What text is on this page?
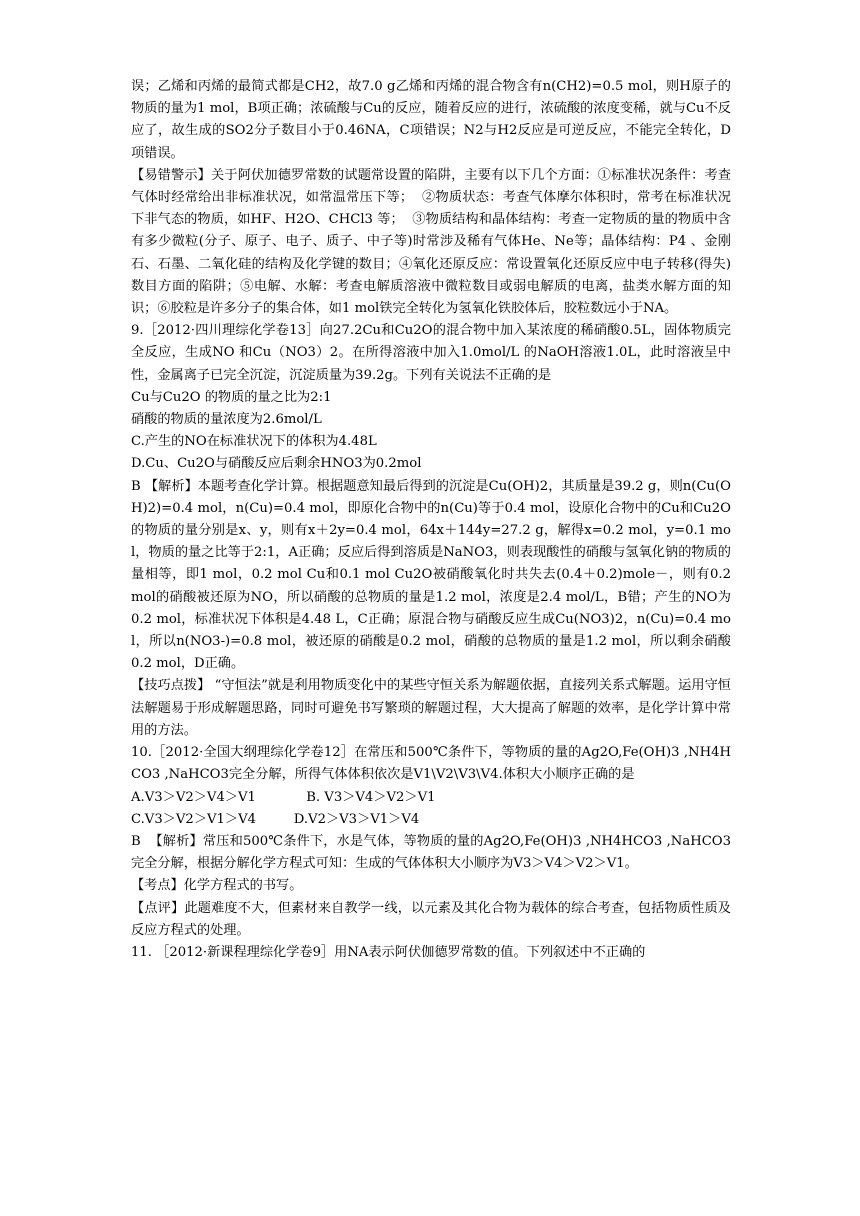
误；乙烯和丙烯的最简式都是CH2，故7.0 g乙烯和丙烯的混合物含有n(CH2)=0.5 mol，则H原子的物质的量为1 mol，B项正确；浓硫酸与Cu的反应，随着反应的进行，浓硫酸的浓度变稀，就与Cu不反应了，故生成的SO2分子数目小于0.46NA，C项错误；N2与H2反应是可逆反应，不能完全转化，D项错误。

【易错警示】关于阿伏加德罗常数的试题常设置的陷阱，主要有以下几个方面：①标准状况条件：考查气体时经常给出非标准状况，如常温常压下等；  ②物质状态：考查气体摩尔体积时，常考在标准状况下非气态的物质，如HF、H2O、CHCl3 等；  ③物质结构和晶体结构：考查一定物质的量的物质中含有多少微粒(分子、原子、电子、质子、中子等)时常涉及稀有气体He、Ne等；晶体结构：P4 、金刚石、石墨、二氧化硅的结构及化学键的数目；④氧化还原反应：常设置氧化还原反应中电子转移(得失)数目方面的陷阱；⑤电解、水解：考查电解质溶液中微粒数目或弱电解质的电离，盐类水解方面的知识；⑥胶粒是许多分子的集合体，如1 mol铁完全转化为氢氧化铁胶体后，胶粒数远小于NA。

9.［2012·四川理综化学卷13］向27.2Cu和Cu2O的混合物中加入某浓度的稀硝酸0.5L，固体物质完全反应，生成NO 和Cu（NO3）2。在所得溶液中加入1.0mol/L 的NaOH溶液1.0L，此时溶液呈中性，金属离子已完全沉淀，沉淀质量为39.2g。下列有关说法不正确的是

Cu与Cu2O 的物质的量之比为2:1

硝酸的物质的量浓度为2.6mol/L

C.产生的NO在标准状况下的体积为4.48L

D.Cu、Cu2O与硝酸反应后剩余HNO3为0.2mol

B 【解析】本题考查化学计算。根据题意知最后得到的沉淀是Cu(OH)2，其质量是39.2 g，则n(Cu(OH)2)=0.4 mol，n(Cu)=0.4 mol，即原化合物中的n(Cu)等于0.4 mol，设原化合物中的Cu和Cu2O的物质的量分别是x、y，则有x＋2y=0.4 mol，64x＋144y=27.2 g，解得x=0.2 mol，y=0.1 mol，物质的量之比等于2:1，A正确；反应后得到溶质是NaNO3，则表现酸性的硝酸与氢氧化钠的物质的量相等，即1 mol，0.2 mol Cu和0.1 mol Cu2O被硝酸氧化时共失去(0.4＋0.2)mole－，则有0.2 mol的硝酸被还原为NO，所以硝酸的总物质的量是1.2 mol，浓度是2.4 mol/L，B错；产生的NO为0.2 mol，标准状况下体积是4.48 L，C正确；原混合物与硝酸反应生成Cu(NO3)2，n(Cu)=0.4 mol，所以n(NO3-)=0.8 mol，被还原的硝酸是0.2 mol，硝酸的总物质的量是1.2 mol，所以剩余硝酸0.2 mol，D正确。

【技巧点拨】 “守恒法”就是利用物质变化中的某些守恒关系为解题依据，直接列关系式解题。运用守恒法解题易于形成解题思路，同时可避免书写繁琐的解题过程，大大提高了解题的效率，是化学计算中常用的方法。

10.［2012·全国大纲理综化学卷12］在常压和500℃条件下，等物质的量的Ag2O,Fe(OH)3 ,NH4HCO3 ,NaHCO3完全分解，所得气体体积依次是V1\V2\V3\V4.体积大小顺序正确的是

A.V3＞V2＞V4＞V1            B. V3＞V4＞V2＞V1

C.V3＞V2＞V1＞V4         D.V2＞V3＞V1＞V4

B  【解析】常压和500℃条件下，水是气体，等物质的量的Ag2O,Fe(OH)3 ,NH4HCO3 ,NaHCO3完全分解，根据分解化学方程式可知：生成的气体体积大小顺序为V3＞V4＞V2＞V1。

【考点】化学方程式的书写。

【点评】此题难度不大，但素材来自教学一线，以元素及其化合物为载体的综合考查，包括物质性质及反应方程式的处理。

11. ［2012·新课程理综化学卷9］用NA表示阿伏伽德罗常数的值。下列叙述中不正确的
